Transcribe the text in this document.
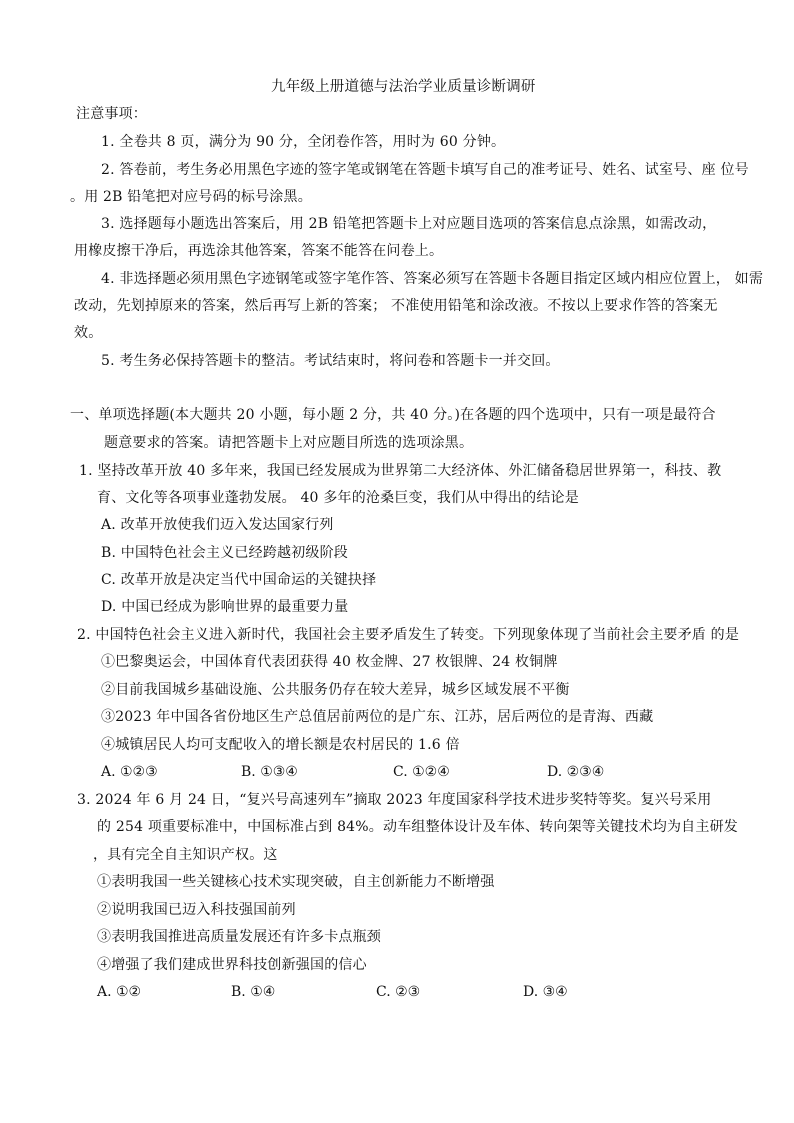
九年级上册道德与法治学业质量诊断调研
注意事项：
1. 全卷共 8 页，满分为 90 分，全闭卷作答，用时为 60 分钟。
2. 答卷前，考生务必用黑色字迹的签字笔或钢笔在答题卡填写自己的准考证号、姓名、试室号、座 位号
。用 2B 铅笔把对应号码的标号涂黑。
3. 选择题每小题选出答案后，用 2B 铅笔把答题卡上对应题目选项的答案信息点涂黑，如需改动，
用橡皮擦干净后，再选涂其他答案，答案不能答在问卷上。
4. 非选择题必须用黑色字迹钢笔或签字笔作答、答案必须写在答题卡各题目指定区域内相应位置上， 如需
改动，先划掉原来的答案，然后再写上新的答案； 不准使用铅笔和涂改液。不按以上要求作答的答案无
效。
5. 考生务必保持答题卡的整洁。考试结束时，将问卷和答题卡一并交回。
一、单项选择题(本大题共 20 小题，每小题 2 分，共 40 分。)在各题的四个选项中，只有一项是最符合
题意要求的答案。请把答题卡上对应题目所选的选项涂黑。
1. 坚持改革开放 40 多年来，我国已经发展成为世界第二大经济体、外汇储备稳居世界第一，科技、教
育、文化等各项事业蓬勃发展。 40 多年的沧桑巨变，我们从中得出的结论是
A. 改革开放使我们迈入发达国家行列
B. 中国特色社会主义已经跨越初级阶段
C. 改革开放是决定当代中国命运的关键抉择
D. 中国已经成为影响世界的最重要力量
2. 中国特色社会主义进入新时代，我国社会主要矛盾发生了转变。下列现象体现了当前社会主要矛盾 的是
①巴黎奥运会，中国体育代表团获得 40 枚金牌、27 枚银牌、24 枚铜牌
②目前我国城乡基础设施、公共服务仍存在较大差异，城乡区域发展不平衡
③2023 年中国各省份地区生产总值居前两位的是广东、江苏，居后两位的是青海、西藏
④城镇居民人均可支配收入的增长额是农村居民的 1.6 倍
A. ①②③	B. ①③④	C. ①②④	D. ②③④
3. 2024 年 6 月 24 日，“复兴号高速列车”摘取 2023 年度国家科学技术进步奖特等奖。复兴号采用
的 254 项重要标准中，中国标准占到 84%。动车组整体设计及车体、转向架等关键技术均为自主研发
，具有完全自主知识产权。这
①表明我国一些关键核心技术实现突破，自主创新能力不断增强
②说明我国已迈入科技强国前列
③表明我国推进高质量发展还有许多卡点瓶颈
④增强了我们建成世界科技创新强国的信心
A. ①②	B. ①④	C. ②③	D. ③④
